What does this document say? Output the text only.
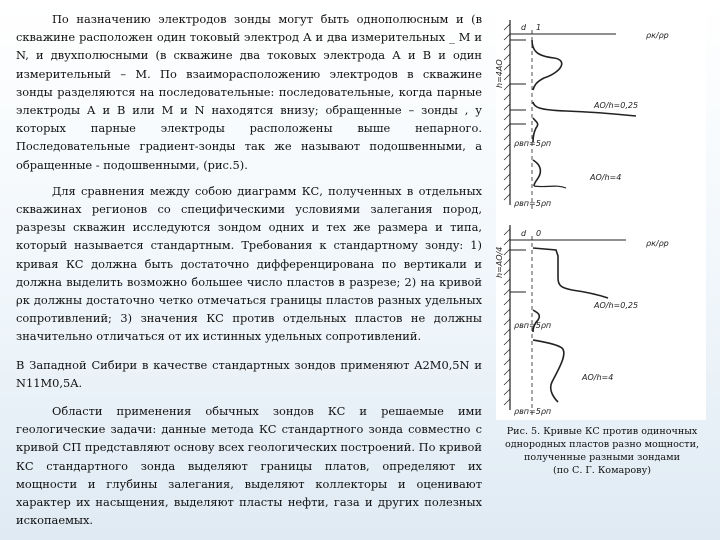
По назначению электродов зонды могут быть однополюсным и (в скважине расположен один токовый электрод А и два измерительных _ М и N, и двухполюсными (в скважине два токовых электрода А и В и один измерительный – М. По взаиморасположению электродов в скважине зонды разделяются на последовательные: последовательные, когда парные электроды А и В или М и N находятся внизу; обращенные – зонды , у которых парные электроды расположены выше непарного. Последовательные градиент-зонды так же называют подошвенными, а обращенные - подошвенными, (рис.5).

Для сравнения между собою диаграмм КС, полученных в отдельных скважинах регионов со специфическими условиями залегания пород, разрезы скважин исследуются зондом одних и тех же размера и типа, который называется стандартным. Требования к стандартному зонду: 1) кривая КС должна быть достаточно дифференцирована по вертикали и должна выделить возможно большее число пластов в разрезе; 2) на кривой ρк должны достаточно четко отмечаться границы пластов разных удельных сопротивлений; 3) значения КС против отдельных пластов не должны значительно отличаться от их истинных удельных сопротивлений.

В Западной Сибири в качестве стандартных зондов применяют A2M0,5N и N11M0,5A.

Области применения обычных зондов КС и решаемые ими геологические задачи: данные метода КС стандартного зонда совместно с кривой СП представляют основу всех геологических построений. По кривой КС стандартного зонда выделяют границы платов, определяют их мощности и глубины залегания, выделяют коллекторы и оценивают характер их насыщения, выделяют пласты нефти, газа и других полезных ископаемых.

d 1
ρк/ρр
AO/h=0,25
AO/h=4
ρвп=5ρп
ρвп=5ρп
h=4AO
d 0
ρк/ρр
AO/h=0,25
AO/h=4
ρвп=5ρп
ρвп=5ρп
h=AO/4
Рис. 5. Кривые КС против одиночных
однородных пластов разно мощности,
полученные разными зондами
(по С. Г. Комарову)
